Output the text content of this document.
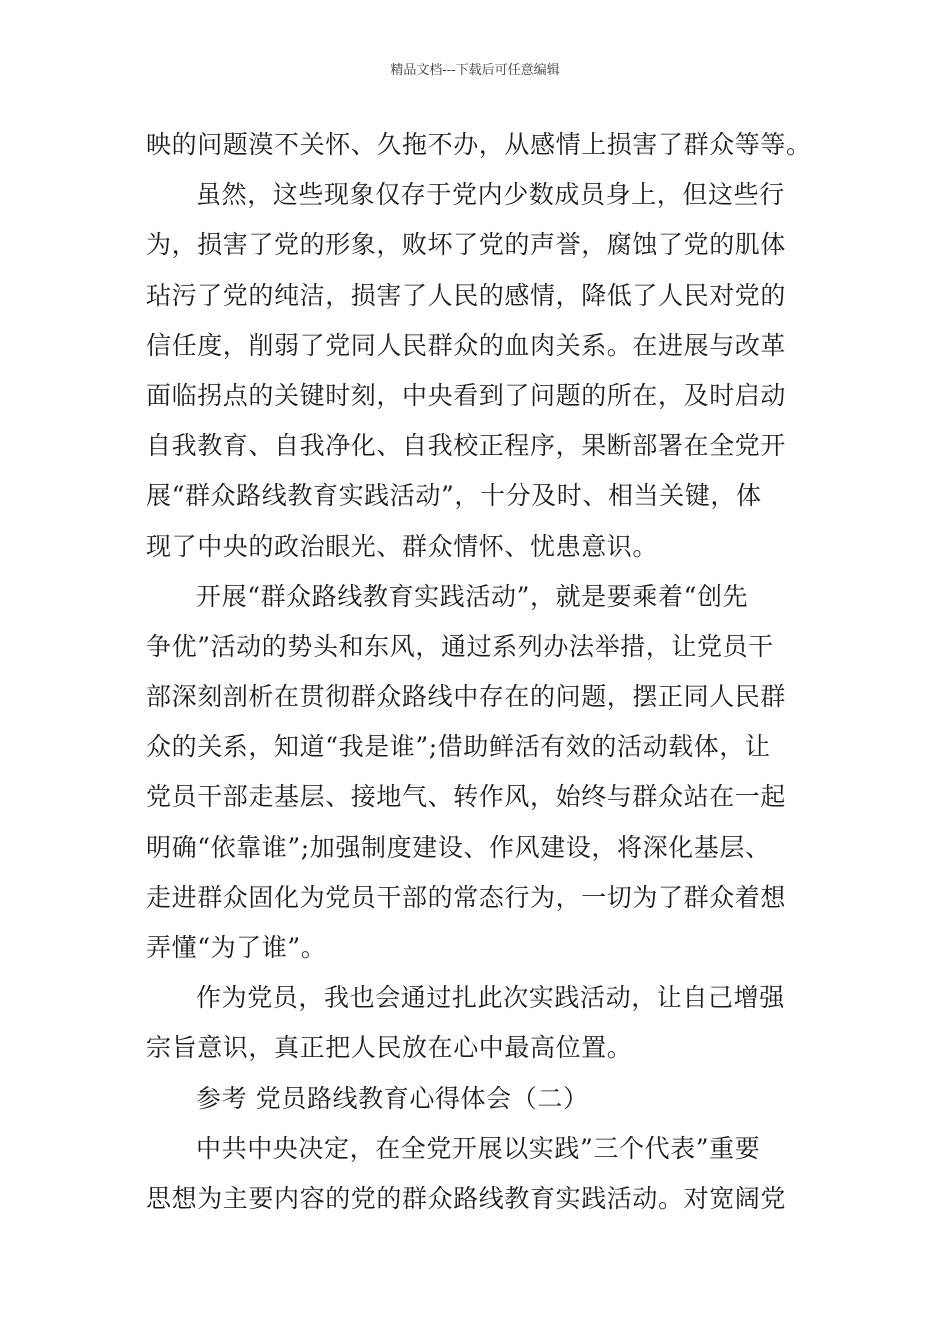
精品文档---下载后可任意编辑
映的问题漠不关怀、久拖不办，从感情上损害了群众等等。
虽然，这些现象仅存于党内少数成员身上，但这些行
为，损害了党的形象，败坏了党的声誉，腐蚀了党的肌体
玷污了党的纯洁，损害了人民的感情，降低了人民对党的
信任度，削弱了党同人民群众的血肉关系。在进展与改革
面临拐点的关键时刻，中央看到了问题的所在，及时启动
自我教育、自我净化、自我校正程序，果断部署在全党开
展“群众路线教育实践活动”，十分及时、相当关键，体
现了中央的政治眼光、群众情怀、忧患意识。
开展“群众路线教育实践活动”，就是要乘着“创先
争优”活动的势头和东风，通过系列办法举措，让党员干
部深刻剖析在贯彻群众路线中存在的问题，摆正同人民群
众的关系，知道“我是谁”;借助鲜活有效的活动载体，让
党员干部走基层、接地气、转作风，始终与群众站在一起
明确“依靠谁”;加强制度建设、作风建设，将深化基层、
走进群众固化为党员干部的常态行为，一切为了群众着想
弄懂“为了谁”。
作为党员，我也会通过扎此次实践活动，让自己增强
宗旨意识，真正把人民放在心中最高位置。
参考 党员路线教育心得体会（二）
中共中央决定，在全党开展以实践”三个代表”重要
思想为主要内容的党的群众路线教育实践活动。对宽阔党
